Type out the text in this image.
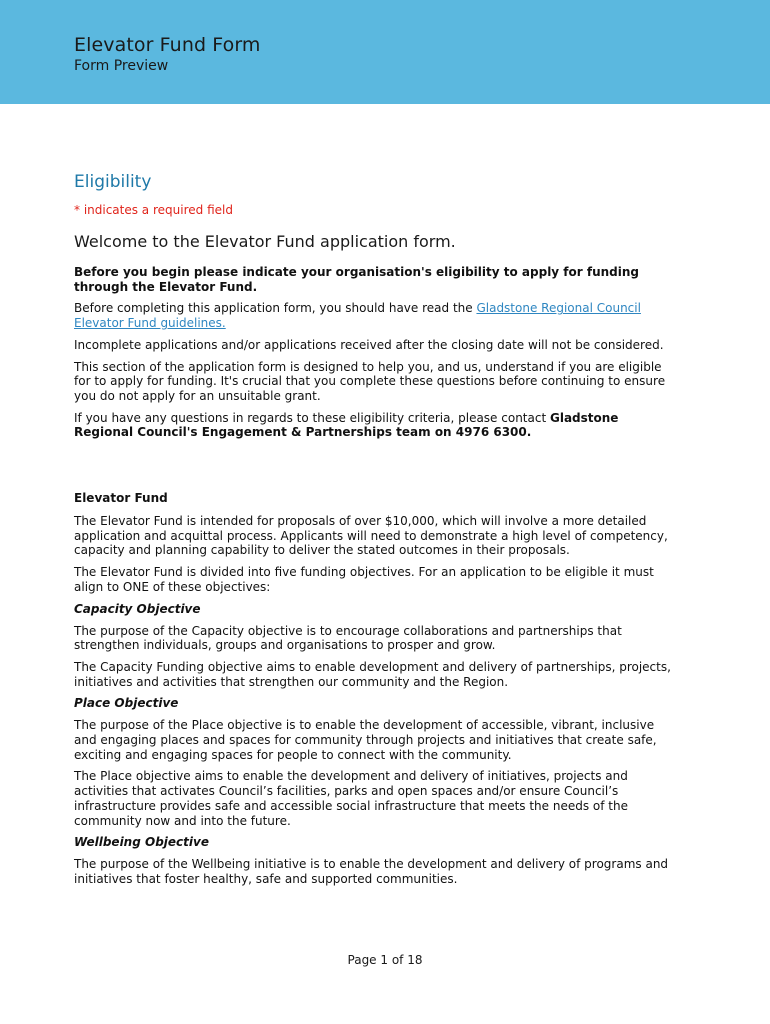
Elevator Fund Form
Form Preview
Eligibility
* indicates a required field
Welcome to the Elevator Fund application form.

Before you begin please indicate your organisation's eligibility to apply for funding through the Elevator Fund.

Before completing this application form, you should have read the Gladstone Regional Council Elevator Fund guidelines.

Incomplete applications and/or applications received after the closing date will not be considered.

This section of the application form is designed to help you, and us, understand if you are eligible for to apply for funding. It's crucial that you complete these questions before continuing to ensure you do not apply for an unsuitable grant.

If you have any questions in regards to these eligibility criteria, please contact Gladstone Regional Council's Engagement & Partnerships team on 4976 6300.

Elevator Fund

The Elevator Fund is intended for proposals of over $10,000, which will involve a more detailed application and acquittal process. Applicants will need to demonstrate a high level of competency, capacity and planning capability to deliver the stated outcomes in their proposals.

The Elevator Fund is divided into five funding objectives. For an application to be eligible it must align to ONE of these objectives:

Capacity Objective

The purpose of the Capacity objective is to encourage collaborations and partnerships that strengthen individuals, groups and organisations to prosper and grow.

The Capacity Funding objective aims to enable development and delivery of partnerships, projects, initiatives and activities that strengthen our community and the Region.

Place Objective

The purpose of the Place objective is to enable the development of accessible, vibrant, inclusive and engaging places and spaces for community through projects and initiatives that create safe, exciting and engaging spaces for people to connect with the community.

The Place objective aims to enable the development and delivery of initiatives, projects and activities that activates Council’s facilities, parks and open spaces and/or ensure Council’s infrastructure provides safe and accessible social infrastructure that meets the needs of the community now and into the future.

Wellbeing Objective

The purpose of the Wellbeing initiative is to enable the development and delivery of programs and initiatives that foster healthy, safe and supported communities.

Page 1 of 18
